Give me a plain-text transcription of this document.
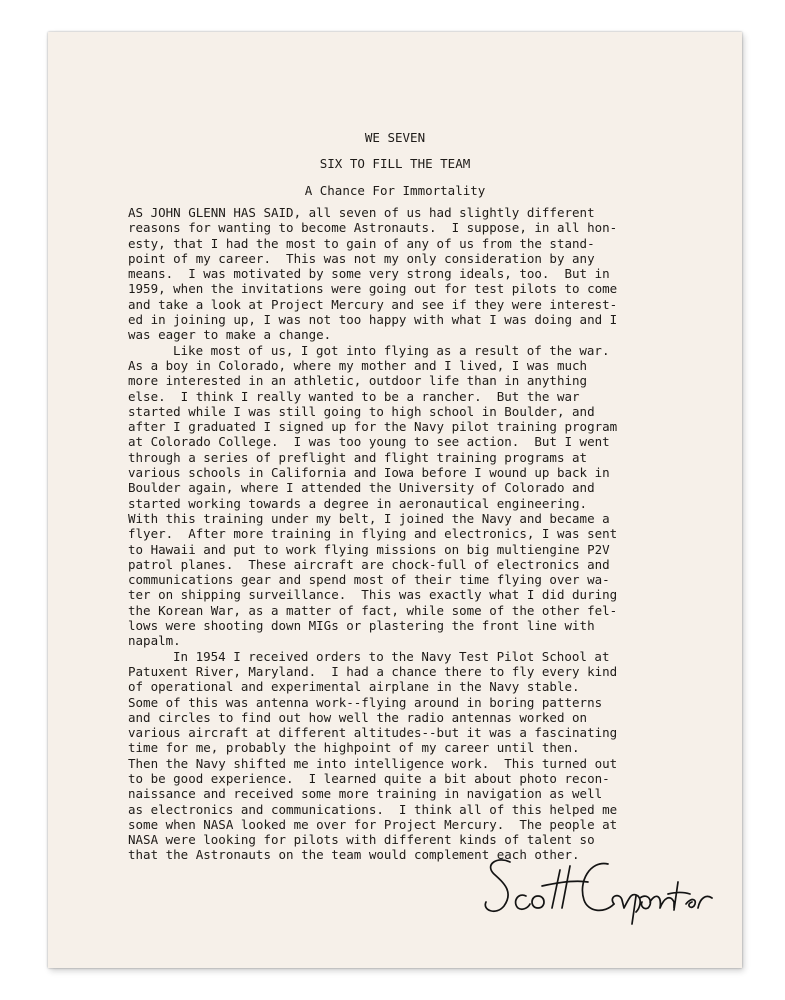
WE SEVEN

SIX TO FILL THE TEAM

A Chance For Immortality

AS JOHN GLENN HAS SAID, all seven of us had slightly different
reasons for wanting to become Astronauts.  I suppose, in all hon-
esty, that I had the most to gain of any of us from the stand-
point of my career.  This was not my only consideration by any
means.  I was motivated by some very strong ideals, too.  But in
1959, when the invitations were going out for test pilots to come
and take a look at Project Mercury and see if they were interest-
ed in joining up, I was not too happy with what I was doing and I
was eager to make a change.
Like most of us, I got into flying as a result of the war.
As a boy in Colorado, where my mother and I lived, I was much
more interested in an athletic, outdoor life than in anything
else.  I think I really wanted to be a rancher.  But the war
started while I was still going to high school in Boulder, and
after I graduated I signed up for the Navy pilot training program
at Colorado College.  I was too young to see action.  But I went
through a series of preflight and flight training programs at
various schools in California and Iowa before I wound up back in
Boulder again, where I attended the University of Colorado and
started working towards a degree in aeronautical engineering.
With this training under my belt, I joined the Navy and became a
flyer.  After more training in flying and electronics, I was sent
to Hawaii and put to work flying missions on big multiengine P2V
patrol planes.  These aircraft are chock-full of electronics and
communications gear and spend most of their time flying over wa-
ter on shipping surveillance.  This was exactly what I did during
the Korean War, as a matter of fact, while some of the other fel-
lows were shooting down MIGs or plastering the front line with
napalm.
In 1954 I received orders to the Navy Test Pilot School at
Patuxent River, Maryland.  I had a chance there to fly every kind
of operational and experimental airplane in the Navy stable.
Some of this was antenna work--flying around in boring patterns
and circles to find out how well the radio antennas worked on
various aircraft at different altitudes--but it was a fascinating
time for me, probably the highpoint of my career until then.
Then the Navy shifted me into intelligence work.  This turned out
to be good experience.  I learned quite a bit about photo recon-
naissance and received some more training in navigation as well
as electronics and communications.  I think all of this helped me
some when NASA looked me over for Project Mercury.  The people at
NASA were looking for pilots with different kinds of talent so
that the Astronauts on the team would complement each other.
